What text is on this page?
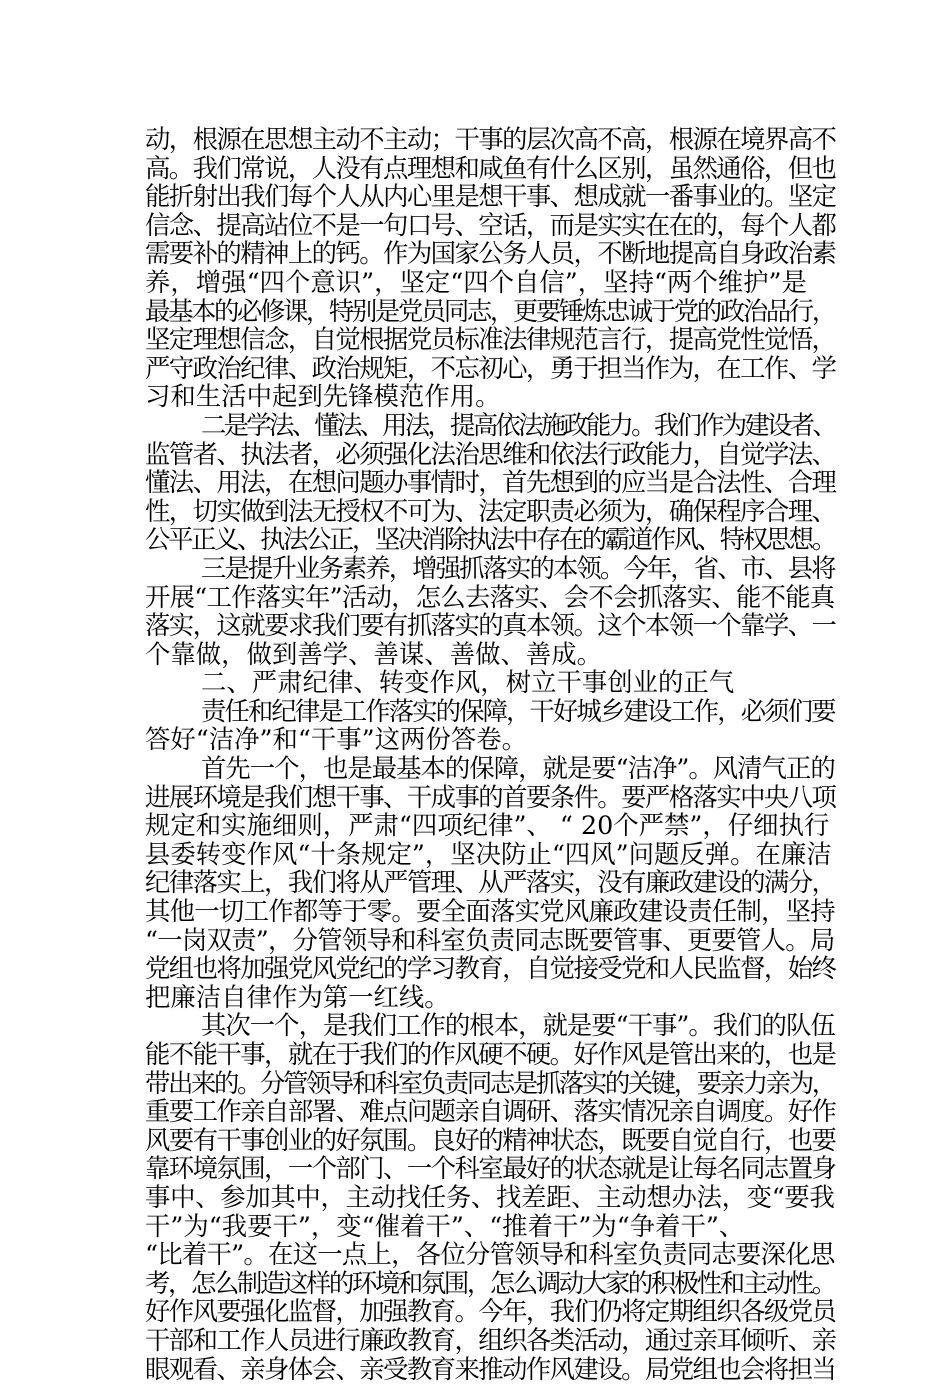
动，根源在思想主动不主动；干事的层次高不高，根源在境界高不
高。我们常说，人没有点理想和咸鱼有什么区别，虽然通俗，但也
能折射出我们每个人从内心里是想干事、想成就一番事业的。坚定
信念、提高站位不是一句口号、空话，而是实实在在的，每个人都
需要补的精神上的钙。作为国家公务人员，不断地提高自身政治素
养，增强“四个意识”，坚定“四个自信”，坚持“两个维护”是
最基本的必修课，特别是党员同志，更要锤炼忠诚于党的政治品行，
坚定理想信念，自觉根据党员标准法律规范言行，提高党性觉悟，
严守政治纪律、政治规矩，不忘初心，勇于担当作为，在工作、学
习和生活中起到先锋模范作用。
二是学法、懂法、用法，提高依法施政能力。我们作为建设者、
监管者、执法者，必须强化法治思维和依法行政能力，自觉学法、
懂法、用法，在想问题办事情时，首先想到的应当是合法性、合理
性，切实做到法无授权不可为、法定职责必须为，确保程序合理、
公平正义、执法公正，坚决消除执法中存在的霸道作风、特权思想。
三是提升业务素养，增强抓落实的本领。今年，省、市、县将
开展“工作落实年”活动，怎么去落实、会不会抓落实、能不能真
落实，这就要求我们要有抓落实的真本领。这个本领一个靠学、一
个靠做，做到善学、善谋、善做、善成。
二、严肃纪律、转变作风，树立干事创业的正气
责任和纪律是工作落实的保障，干好城乡建设工作，必须们要
答好“洁净”和“干事”这两份答卷。
首先一个，也是最基本的保障，就是要“洁净”。风清气正的
进展环境是我们想干事、干成事的首要条件。要严格落实中央八项
规定和实施细则，严肃“四项纪律”、 “ 20个严禁”，仔细执行
县委转变作风“十条规定”，坚决防止“四风”问题反弹。在廉洁
纪律落实上，我们将从严管理、从严落实，没有廉政建设的满分，
其他一切工作都等于零。要全面落实党风廉政建设责任制，坚持
“一岗双责”，分管领导和科室负责同志既要管事、更要管人。局
党组也将加强党风党纪的学习教育，自觉接受党和人民监督，始终
把廉洁自律作为第一红线。
其次一个，是我们工作的根本，就是要“干事”。我们的队伍
能不能干事，就在于我们的作风硬不硬。好作风是管出来的，也是
带出来的。分管领导和科室负责同志是抓落实的关键，要亲力亲为，
重要工作亲自部署、难点问题亲自调研、落实情况亲自调度。好作
风要有干事创业的好氛围。良好的精神状态，既要自觉自行，也要
靠环境氛围，一个部门、一个科室最好的状态就是让每名同志置身
事中、参加其中，主动找任务、找差距、主动想办法，变“要我
干”为“我要干”，变“催着干”、“推着干”为“争着干”、
“比着干”。在这一点上，各位分管领导和科室负责同志要深化思
考，怎么制造这样的环境和氛围，怎么调动大家的积极性和主动性。
好作风要强化监督，加强教育。今年，我们仍将定期组织各级党员
干部和工作人员进行廉政教育，组织各类活动，通过亲耳倾听、亲
眼观看、亲身体会、亲受教育来推动作风建设。局党组也会将担当
